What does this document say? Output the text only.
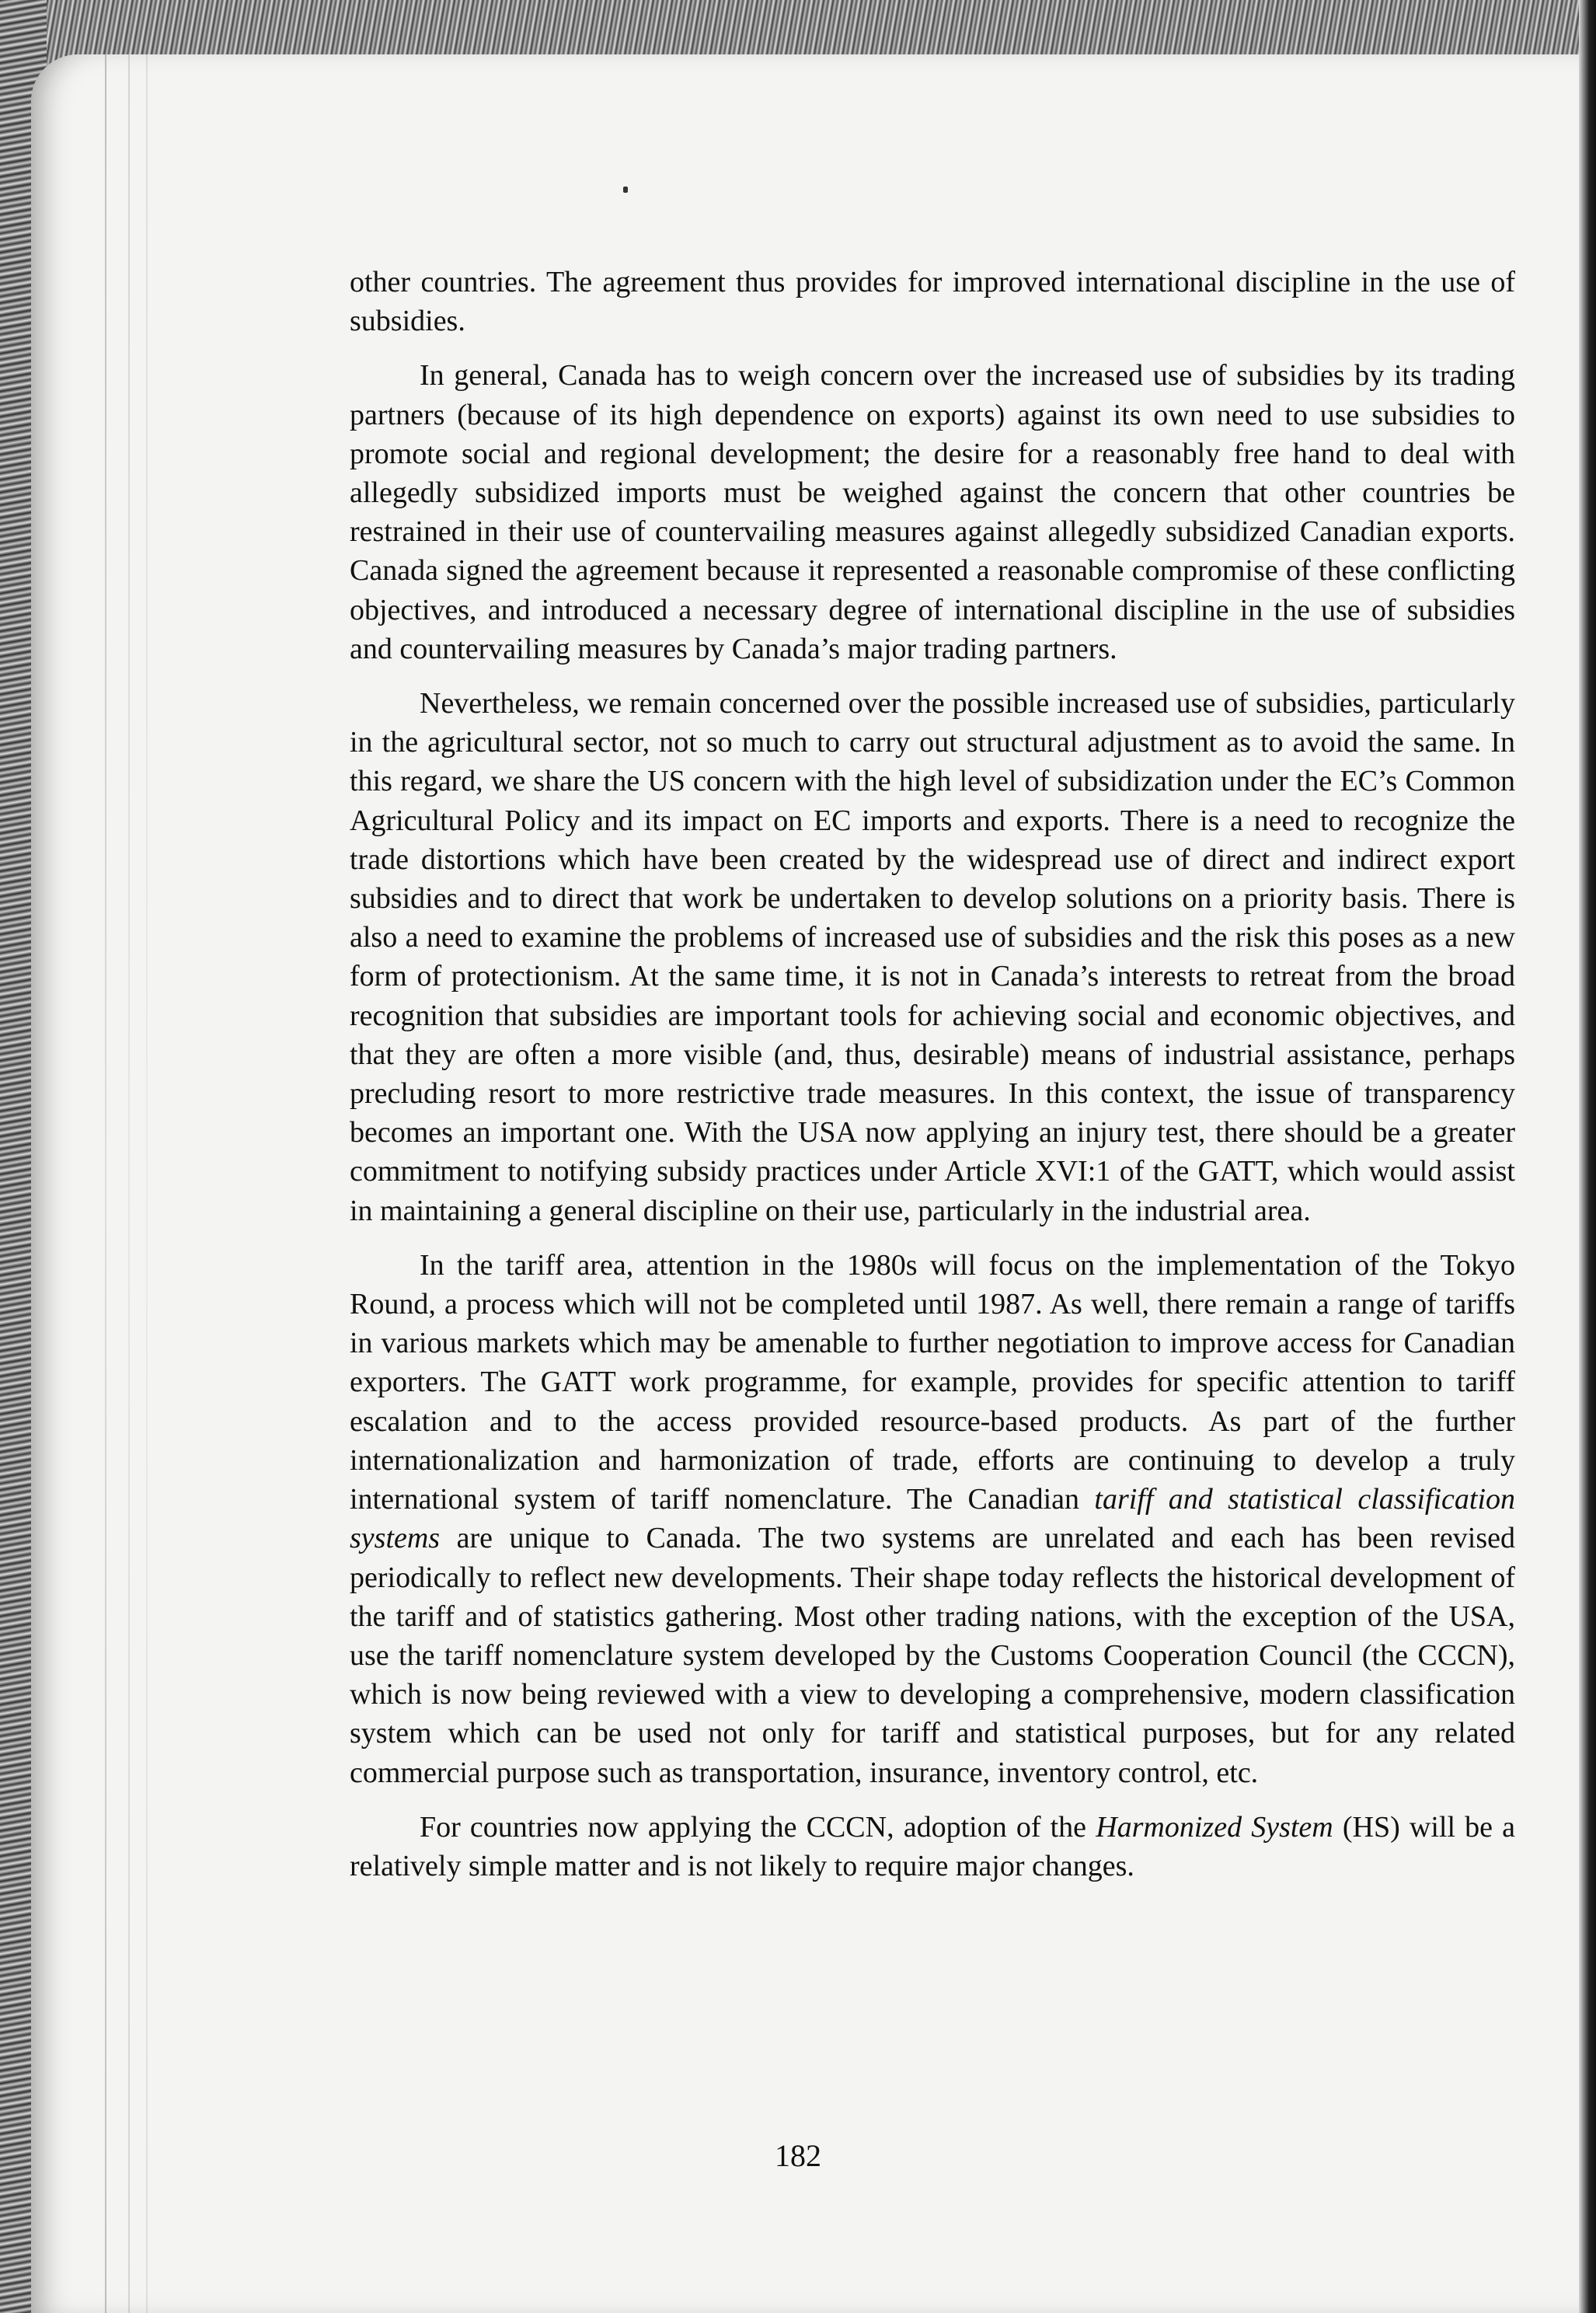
other countries. The agreement thus provides for improved international discipline in the use of subsidies.

In general, Canada has to weigh concern over the increased use of subsidies by its trading partners (because of its high dependence on exports) against its own need to use subsidies to promote social and regional development; the desire for a reasonably free hand to deal with allegedly subsidized imports must be weighed against the concern that other countries be restrained in their use of countervailing measures against allegedly subsidized Canadian exports. Canada signed the agreement because it represented a reasonable compromise of these conflicting objectives, and introduced a necessary degree of international discipline in the use of subsidies and countervailing measures by Canada’s major trading partners.

Nevertheless, we remain concerned over the possible increased use of subsidies, particularly in the agricultural sector, not so much to carry out structural adjustment as to avoid the same. In this regard, we share the US concern with the high level of subsidization under the EC’s Common Agricultural Policy and its impact on EC imports and exports. There is a need to recognize the trade distortions which have been created by the widespread use of direct and indirect export subsidies and to direct that work be undertaken to develop solutions on a priority basis. There is also a need to examine the problems of increased use of subsidies and the risk this poses as a new form of protectionism. At the same time, it is not in Canada’s interests to retreat from the broad recognition that subsidies are important tools for achieving social and economic objectives, and that they are often a more visible (and, thus, desirable) means of industrial assistance, perhaps precluding resort to more restrictive trade measures. In this context, the issue of transparency becomes an important one. With the USA now applying an injury test, there should be a greater commitment to notifying subsidy practices under Article XVI:1 of the GATT, which would assist in maintaining a general discipline on their use, particularly in the industrial area.

In the tariff area, attention in the 1980s will focus on the implementation of the Tokyo Round, a process which will not be completed until 1987. As well, there remain a range of tariffs in various markets which may be amenable to further negotiation to improve access for Canadian exporters. The GATT work programme, for example, provides for specific attention to tariff escalation and to the access provided resource-based products. As part of the further internationalization and harmonization of trade, efforts are continuing to develop a truly international system of tariff nomenclature. The Canadian tariff and statistical classification systems are unique to Canada. The two systems are unrelated and each has been revised periodically to reflect new developments. Their shape today reflects the historical development of the tariff and of statistics gathering. Most other trading nations, with the exception of the USA, use the tariff nomenclature system developed by the Customs Cooperation Council (the CCCN), which is now being reviewed with a view to developing a comprehensive, modern classification system which can be used not only for tariff and statistical purposes, but for any related commercial purpose such as transportation, insurance, inventory control, etc.

For countries now applying the CCCN, adoption of the Harmonized System (HS) will be a relatively simple matter and is not likely to require major changes.

182
